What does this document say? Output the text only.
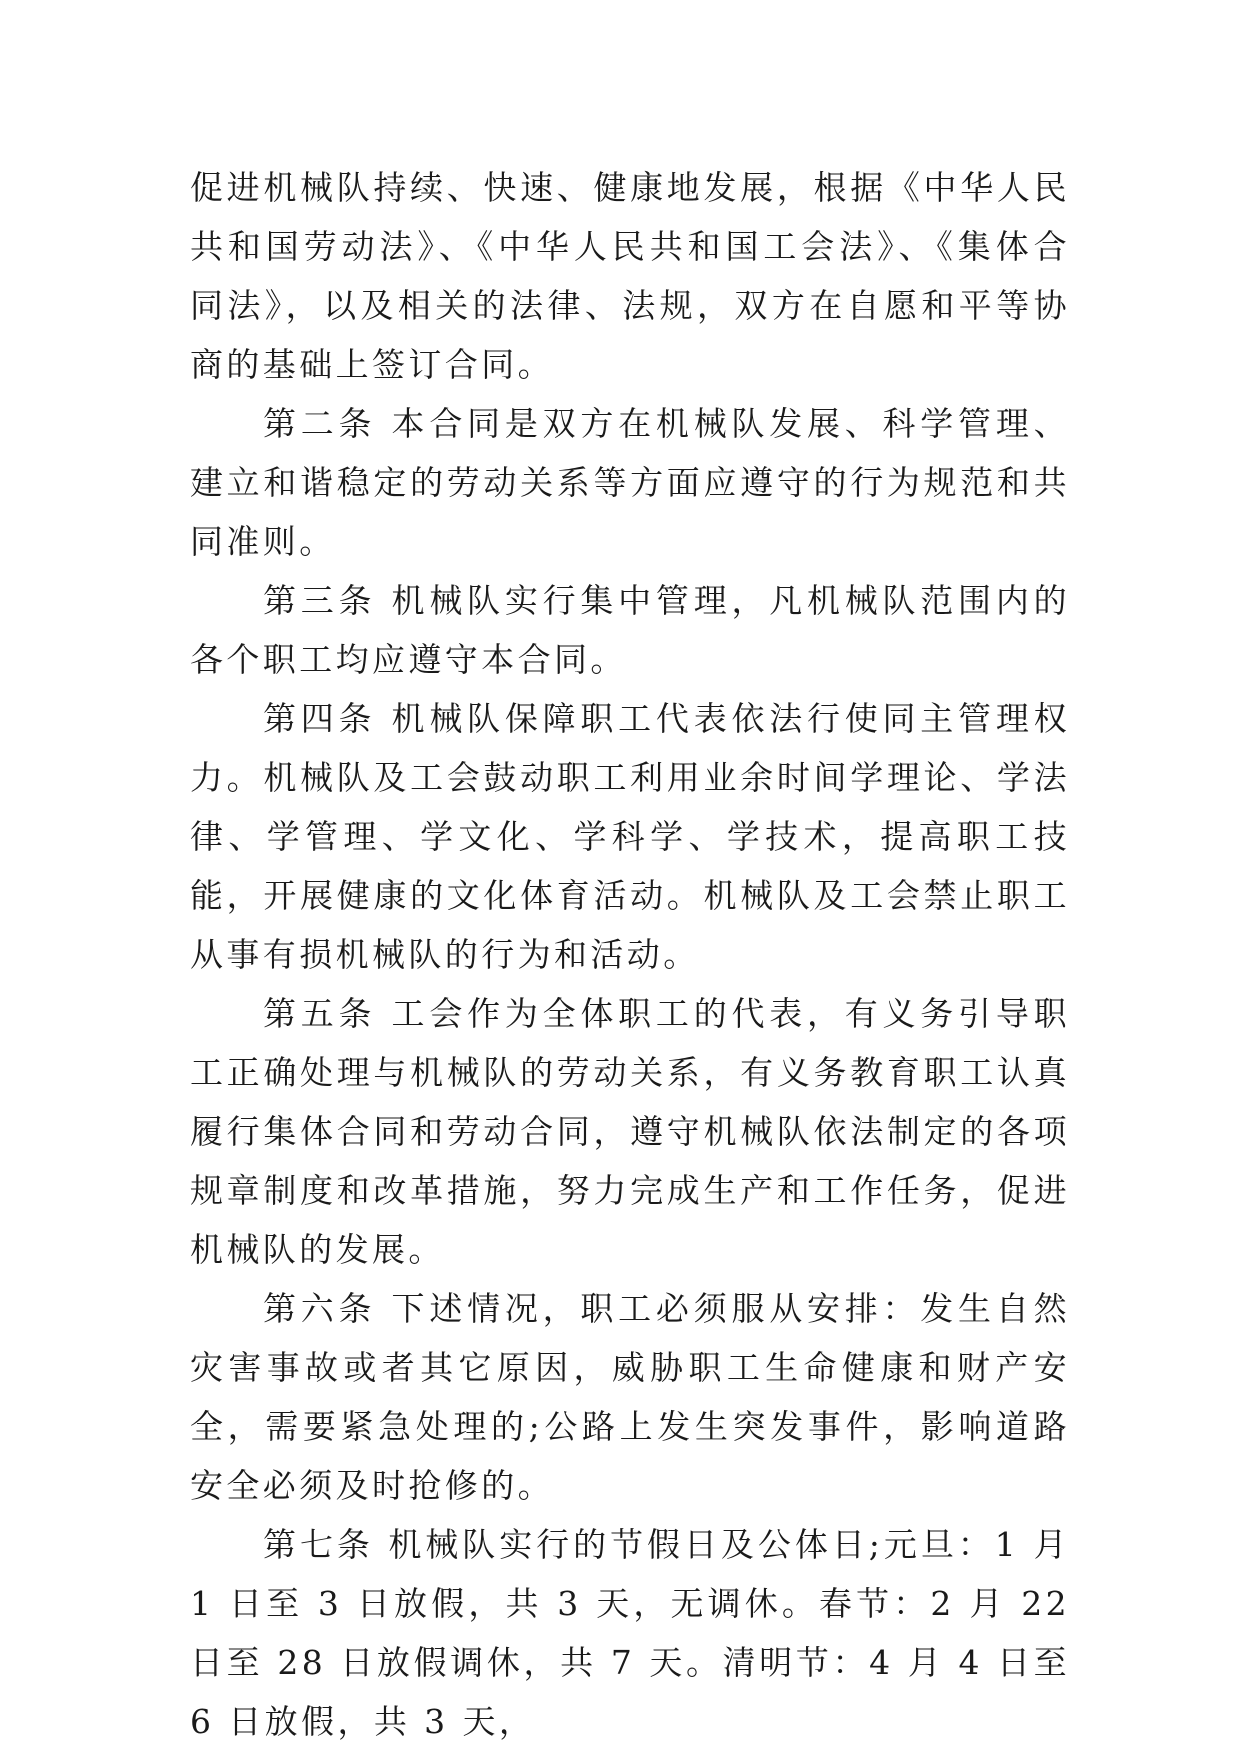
促进机械队持续、快速、健康地发展，根据《中华人民共和国劳动法》、《中华人民共和国工会法》、《集体合同法》，以及相关的法律、法规，双方在自愿和平等协商的基础上签订合同。

第二条 本合同是双方在机械队发展、科学管理、建立和谐稳定的劳动关系等方面应遵守的行为规范和共同准则。

第三条 机械队实行集中管理，凡机械队范围内的各个职工均应遵守本合同。

第四条 机械队保障职工代表依法行使同主管理权力。机械队及工会鼓动职工利用业余时间学理论、学法律、学管理、学文化、学科学、学技术，提高职工技能，开展健康的文化体育活动。机械队及工会禁止职工从事有损机械队的行为和活动。

第五条 工会作为全体职工的代表，有义务引导职工正确处理与机械队的劳动关系，有义务教育职工认真履行集体合同和劳动合同，遵守机械队依法制定的各项规章制度和改革措施，努力完成生产和工作任务，促进机械队的发展。

第六条 下述情况，职工必须服从安排：发生自然灾害事故或者其它原因，威胁职工生命健康和财产安全，需要紧急处理的;公路上发生突发事件，影响道路安全必须及时抢修的。

第七条 机械队实行的节假日及公体日;元旦：1 月 1 日至 3 日放假，共 3 天，无调休。春节：2 月 22 日至 28 日放假调休，共 7 天。清明节：4 月 4 日至 6 日放假，共 3 天，
